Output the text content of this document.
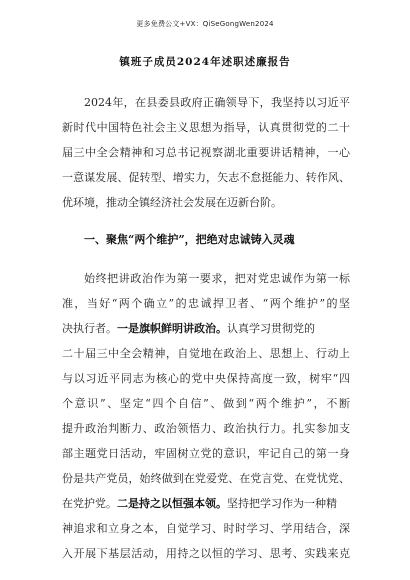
更多免费公文+VX：QiSeGongWen2024
镇班子成员2024年述职述廉报告
2024年，在县委县政府正确领导下，我坚持以习近平
新时代中国特色社会主义思想为指导，认真贯彻党的二十
届三中全会精神和习总书记视察湖北重要讲话精神，一心
一意谋发展、促转型、增实力，矢志不怠挺能力、转作风、
优环境，推动全镇经济社会发展在迈新台阶。
一、聚焦“两个维护”，把绝对忠诚铸入灵魂
始终把讲政治作为第一要求，把对党忠诚作为第一标
准，当好“两个确立”的忠诚捍卫者、“两个维护”的坚
决执行者。一是旗帜鲜明讲政治。认真学习贯彻党的
二十届三中全会精神，自觉地在政治上、思想上、行动上
与以习近平同志为核心的党中央保持高度一致，树牢“四
个意识”、坚定“四个自信”、做到“两个维护”，不断
提升政治判断力、政治领悟力、政治执行力。扎实参加支
部主题党日活动，牢固树立党的意识，牢记自己的第一身
份是共产党员，始终做到在党爱党、在党言党、在党忧党、
在党护党。二是持之以恒强本领。坚持把学习作为一种精
神追求和立身之本，自觉学习、时时学习、学用结合，深
入开展下基层活动，用持之以恒的学习、思考、实践来克
